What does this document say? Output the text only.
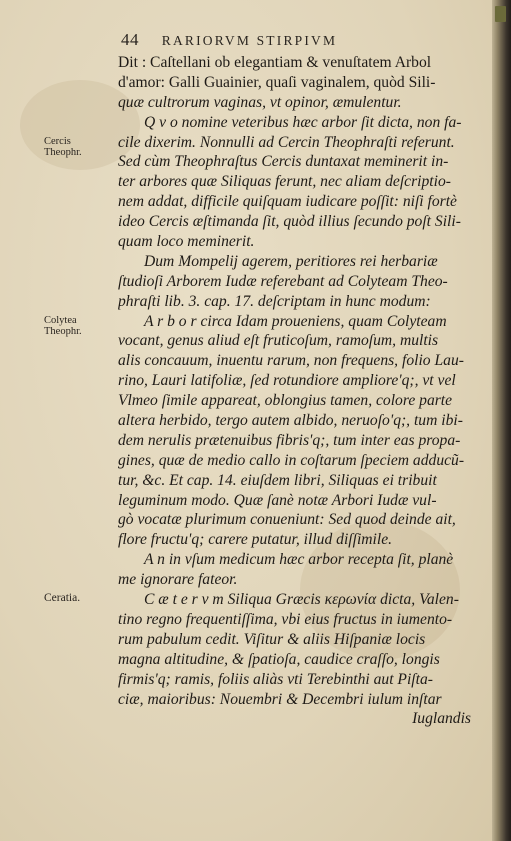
44 RARIORVM STIRPIVM
Cercis
Theophr.
Colytea
Theophr.
Ceratia.
Dit : Caſtellani ob elegantiam & venuſtatem Arbol
d'amor: Galli Guainier, quaſi vaginalem, quòd Sili-
quæ cultrorum vaginas, vt opinor, æmulentur.
Q v o nomine veteribus hæc arbor ſit dicta, non fa-
cile dixerim. Nonnulli ad Cercin Theophraſti referunt.
Sed cùm Theophraſtus Cercis duntaxat meminerit in-
ter arbores quæ Siliquas ferunt, nec aliam deſcriptio-
nem addat, difficile quiſquam iudicare poſſit: niſi fortè
ideo Cercis æſtimanda ſit, quòd illius ſecundo poſt Sili-
quam loco meminerit.
Dum Mompelij agerem, peritiores rei herbariæ
ſtudioſi Arborem Iudæ referebant ad Colyteam Theo-
phraſti lib. 3. cap. 17. deſcriptam in hunc modum:
A r b o r circa Idam proueniens, quam Colyteam
vocant, genus aliud eſt fruticoſum, ramoſum, multis
alis concauum, inuentu rarum, non frequens, folio Lau-
rino, Lauri latifoliæ, ſed rotundiore ampliore'q;, vt vel
Vlmeo ſimile appareat, oblongius tamen, colore parte
altera herbido, tergo autem albido, neruoſo'q;, tum ibi-
dem nerulis prætenuibus fibris'q;, tum inter eas propa-
gines, quæ de medio callo in coſtarum ſpeciem adducũ-
tur, &c. Et cap. 14. eiuſdem libri, Siliquas ei tribuit
leguminum modo. Quæ ſanè notæ Arbori Iudæ vul-
gò vocatæ plurimum conueniunt: Sed quod deinde ait,
flore fructu'q; carere putatur, illud diſſimile.
A n in vſum medicum hæc arbor recepta ſit, planè
me ignorare fateor.
C æ t e r v m Siliqua Græcis κερωνία dicta, Valen-
tino regno frequentiſſima, vbi eius fructus in iumento-
rum pabulum cedit. Viſitur & aliis Hiſpaniæ locis
magna altitudine, & ſpatioſa, caudice craſſo, longis
firmis'q; ramis, foliis aliàs vti Terebinthi aut Piſta-
ciæ, maioribus: Nouembri & Decembri iulum inſtar
Iuglandis
